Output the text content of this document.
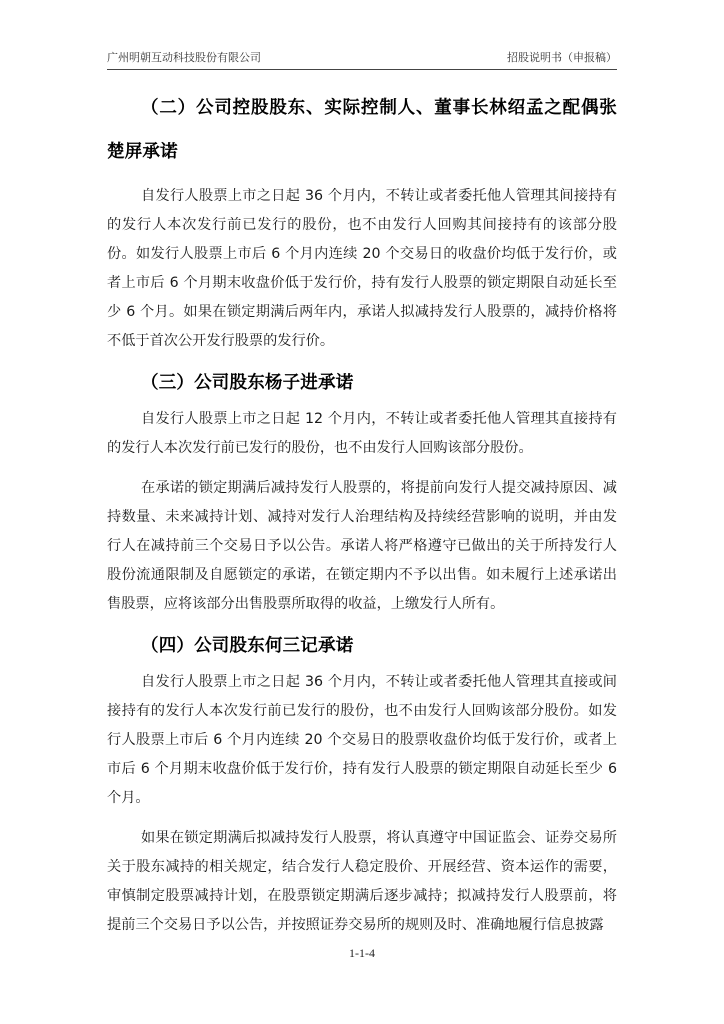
广州明朝互动科技股份有限公司	招股说明书（申报稿）
（二）公司控股股东、实际控制人、董事长林绍孟之配偶张楚屏承诺

自发行人股票上市之日起 36 个月内，不转让或者委托他人管理其间接持有的发行人本次发行前已发行的股份，也不由发行人回购其间接持有的该部分股份。如发行人股票上市后 6 个月内连续 20 个交易日的收盘价均低于发行价，或者上市后 6 个月期末收盘价低于发行价，持有发行人股票的锁定期限自动延长至少 6 个月。如果在锁定期满后两年内，承诺人拟减持发行人股票的，减持价格将不低于首次公开发行股票的发行价。

（三）公司股东杨子进承诺

自发行人股票上市之日起 12 个月内，不转让或者委托他人管理其直接持有的发行人本次发行前已发行的股份，也不由发行人回购该部分股份。

在承诺的锁定期满后减持发行人股票的，将提前向发行人提交减持原因、减持数量、未来减持计划、减持对发行人治理结构及持续经营影响的说明，并由发行人在减持前三个交易日予以公告。承诺人将严格遵守已做出的关于所持发行人股份流通限制及自愿锁定的承诺，在锁定期内不予以出售。如未履行上述承诺出售股票，应将该部分出售股票所取得的收益，上缴发行人所有。

（四）公司股东何三记承诺

自发行人股票上市之日起 36 个月内，不转让或者委托他人管理其直接或间接持有的发行人本次发行前已发行的股份，也不由发行人回购该部分股份。如发行人股票上市后 6 个月内连续 20 个交易日的股票收盘价均低于发行价，或者上市后 6 个月期末收盘价低于发行价，持有发行人股票的锁定期限自动延长至少 6 个月。

如果在锁定期满后拟减持发行人股票，将认真遵守中国证监会、证券交易所关于股东减持的相关规定，结合发行人稳定股价、开展经营、资本运作的需要，审慎制定股票减持计划，在股票锁定期满后逐步减持；拟减持发行人股票前，将提前三个交易日予以公告，并按照证券交易所的规则及时、准确地履行信息披露

1-1-4
